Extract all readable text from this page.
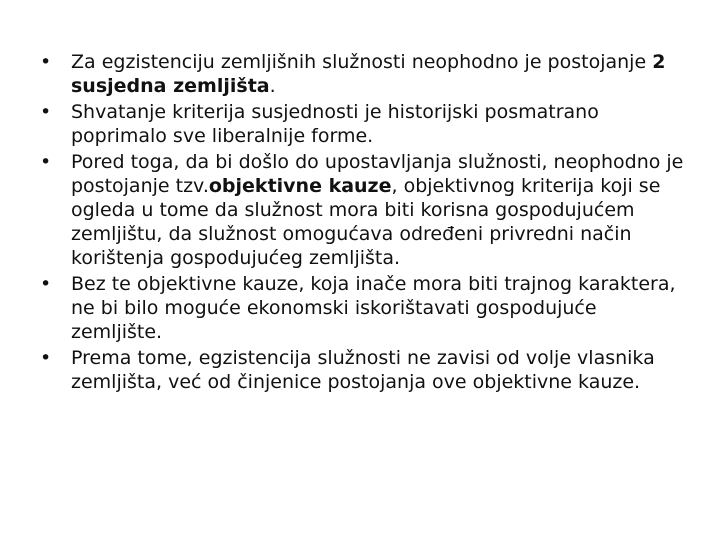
•	Za egzistenciju zemljišnih služnosti neophodno je postojanje 2 susjedna zemljišta.
•	Shvatanje kriterija susjednosti je historijski posmatrano poprimalo sve liberalnije forme.
•	Pored toga, da bi došlo do upostavljanja služnosti, neophodno je postojanje tzv.objektivne kauze, objektivnog kriterija koji se ogleda u tome da služnost mora biti korisna gospodujućem zemljištu, da služnost omogućava određeni privredni način korištenja gospodujućeg zemljišta.
•	Bez te objektivne kauze, koja inače mora biti trajnog karaktera, ne bi bilo moguće ekonomski iskorištavati gospodujuće zemljište.
•	Prema tome, egzistencija služnosti ne zavisi od volje vlasnika zemljišta, već od činjenice postojanja ove objektivne kauze.
